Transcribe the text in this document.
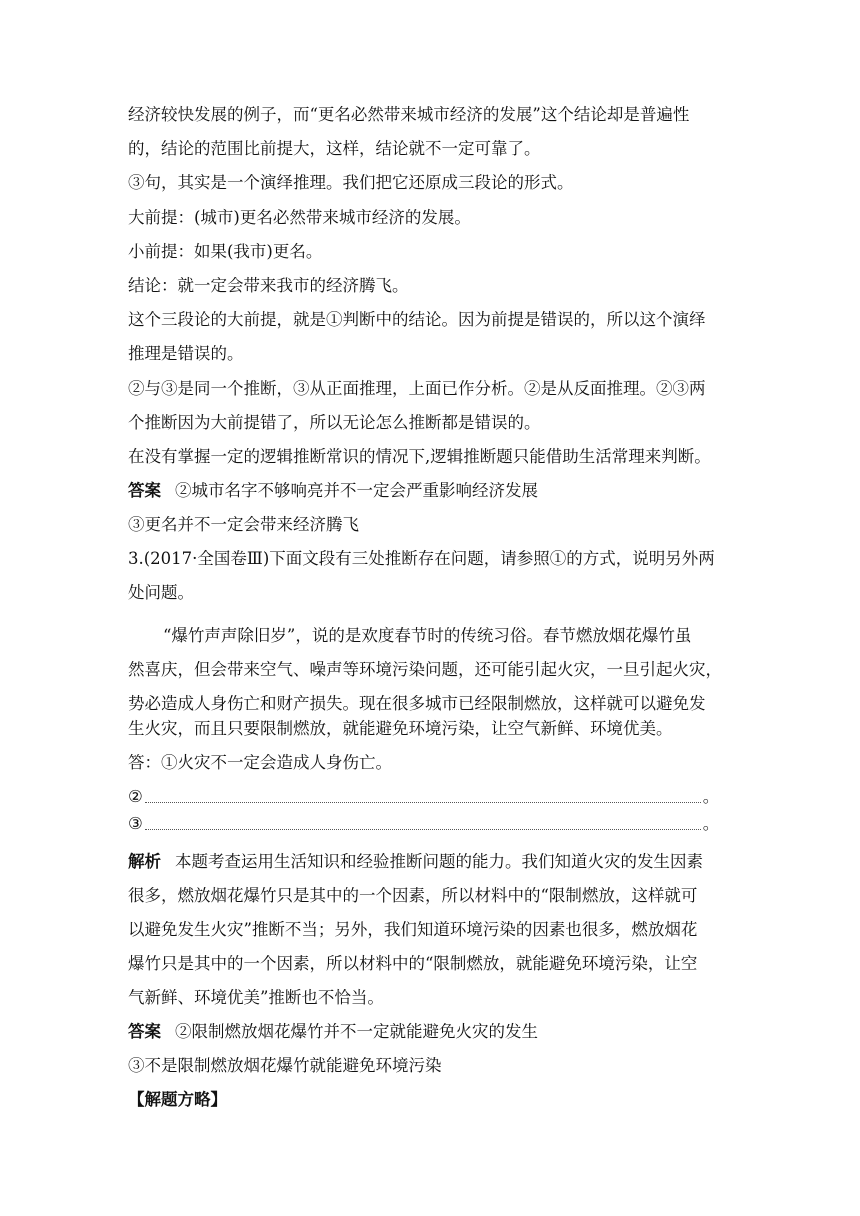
经济较快发展的例子，而“更名必然带来城市经济的发展”这个结论却是普遍性
的，结论的范围比前提大，这样，结论就不一定可靠了。
③句，其实是一个演绎推理。我们把它还原成三段论的形式。
大前提：(城市)更名必然带来城市经济的发展。
小前提：如果(我市)更名。
结论：就一定会带来我市的经济腾飞。
这个三段论的大前提，就是①判断中的结论。因为前提是错误的，所以这个演绎
推理是错误的。
②与③是同一个推断，③从正面推理，上面已作分析。②是从反面推理。②③两
个推断因为大前提错了，所以无论怎么推断都是错误的。
在没有掌握一定的逻辑推断常识的情况下,逻辑推断题只能借助生活常理来判断。
答案 ②城市名字不够响亮并不一定会严重影响经济发展
③更名并不一定会带来经济腾飞
3.(2017·全国卷Ⅲ)下面文段有三处推断存在问题，请参照①的方式，说明另外两
处问题。
“爆竹声声除旧岁”，说的是欢度春节时的传统习俗。春节燃放烟花爆竹虽
然喜庆，但会带来空气、噪声等环境污染问题，还可能引起火灾，一旦引起火灾，
势必造成人身伤亡和财产损失。现在很多城市已经限制燃放，这样就可以避免发
生火灾，而且只要限制燃放，就能避免环境污染，让空气新鲜、环境优美。
答：①火灾不一定会造成人身伤亡。
②	。
③	。
解析 本题考查运用生活知识和经验推断问题的能力。我们知道火灾的发生因素
很多，燃放烟花爆竹只是其中的一个因素，所以材料中的“限制燃放，这样就可
以避免发生火灾”推断不当；另外，我们知道环境污染的因素也很多，燃放烟花
爆竹只是其中的一个因素，所以材料中的“限制燃放，就能避免环境污染，让空
气新鲜、环境优美”推断也不恰当。
答案 ②限制燃放烟花爆竹并不一定就能避免火灾的发生
③不是限制燃放烟花爆竹就能避免环境污染
【解题方略】
